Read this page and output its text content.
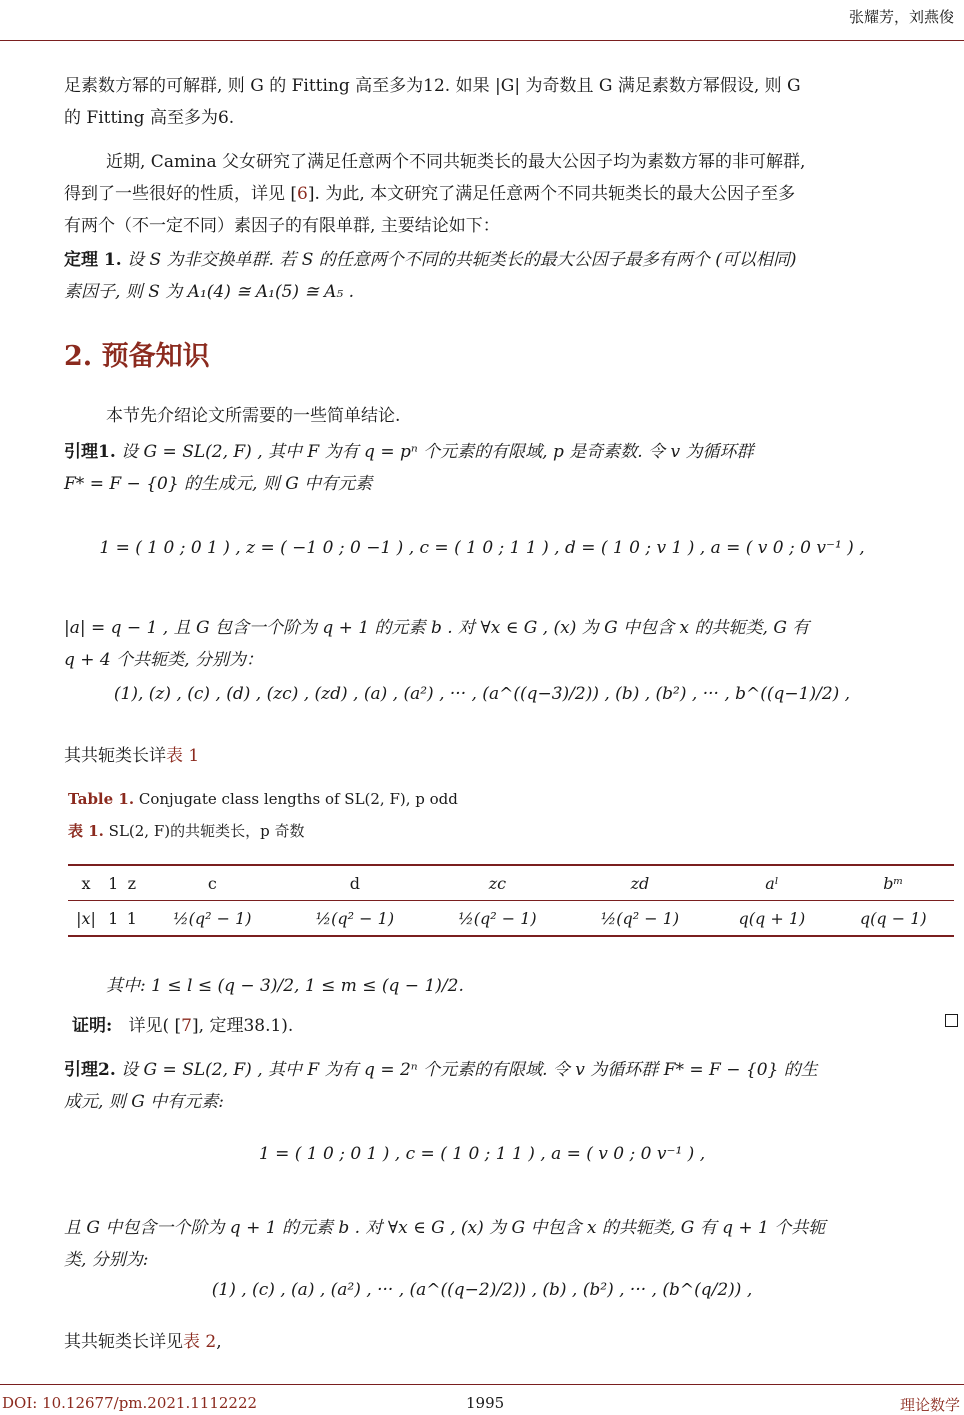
张耀芳，刘燕俊
足素数方幂的可解群, 则 G 的 Fitting 高至多为12. 如果 |G| 为奇数且 G 满足素数方幂假设, 则 G
的 Fitting 高至多为6.
近期, Camina 父女研究了满足任意两个不同共轭类长的最大公因子均为素数方幂的非可解群,
得到了一些很好的性质，详见 [6]. 为此, 本文研究了满足任意两个不同共轭类长的最大公因子至多
有两个（不一定不同）素因子的有限单群, 主要结论如下：
定理 1. 设 S 为非交换单群. 若 S 的任意两个不同的共轭类长的最大公因子最多有两个 (可以相同)
素因子, 则 S 为 A₁(4) ≅ A₁(5) ≅ A₅ .
2. 预备知识
本节先介绍论文所需要的一些简单结论.
引理1. 设 G = SL(2, F) , 其中 F 为有 q = pⁿ 个元素的有限域, p 是奇素数. 令 v 为循环群
F* = F − {0} 的生成元, 则 G 中有元素
1 = ( 1 0 ; 0 1 ) , z = ( −1 0 ; 0 −1 ) , c = ( 1 0 ; 1 1 ) , d = ( 1 0 ; v 1 ) , a = ( v 0 ; 0 v⁻¹ ) ,
|a| = q − 1 , 且 G 包含一个阶为 q + 1 的元素 b . 对 ∀x ∈ G , (x) 为 G 中包含 x 的共轭类, G 有
q + 4 个共轭类, 分别为：
(1), (z) , (c) , (d) , (zc) , (zd) , (a) , (a²) , ··· , (a^((q−3)/2)) , (b) , (b²) , ··· , b^((q−1)/2) ,
其共轭类长详表 1
Table 1. Conjugate class lengths of SL(2, F), p odd
表 1. SL(2, F)的共轭类长，p 奇数
x	1	z	c	d	zc	zd	aˡ	bᵐ
|x|	1	1	½(q² − 1)	½(q² − 1)	½(q² − 1)	½(q² − 1)	q(q + 1)	q(q − 1)
其中: 1 ≤ l ≤ (q − 3)/2, 1 ≤ m ≤ (q − 1)/2.
证明: 详见( [7], 定理38.1).
引理2. 设 G = SL(2, F) , 其中 F 为有 q = 2ⁿ 个元素的有限域. 令 v 为循环群 F* = F − {0} 的生
成元, 则 G 中有元素:
1 = ( 1 0 ; 0 1 ) , c = ( 1 0 ; 1 1 ) , a = ( v 0 ; 0 v⁻¹ ) ,
且 G 中包含一个阶为 q + 1 的元素 b . 对 ∀x ∈ G , (x) 为 G 中包含 x 的共轭类, G 有 q + 1 个共轭
类, 分别为:
(1) , (c) , (a) , (a²) , ··· , (a^((q−2)/2)) , (b) , (b²) , ··· , (b^(q/2)) ,
其共轭类长详见表 2,
DOI: 10.12677/pm.2021.1112222	1995	理论数学
